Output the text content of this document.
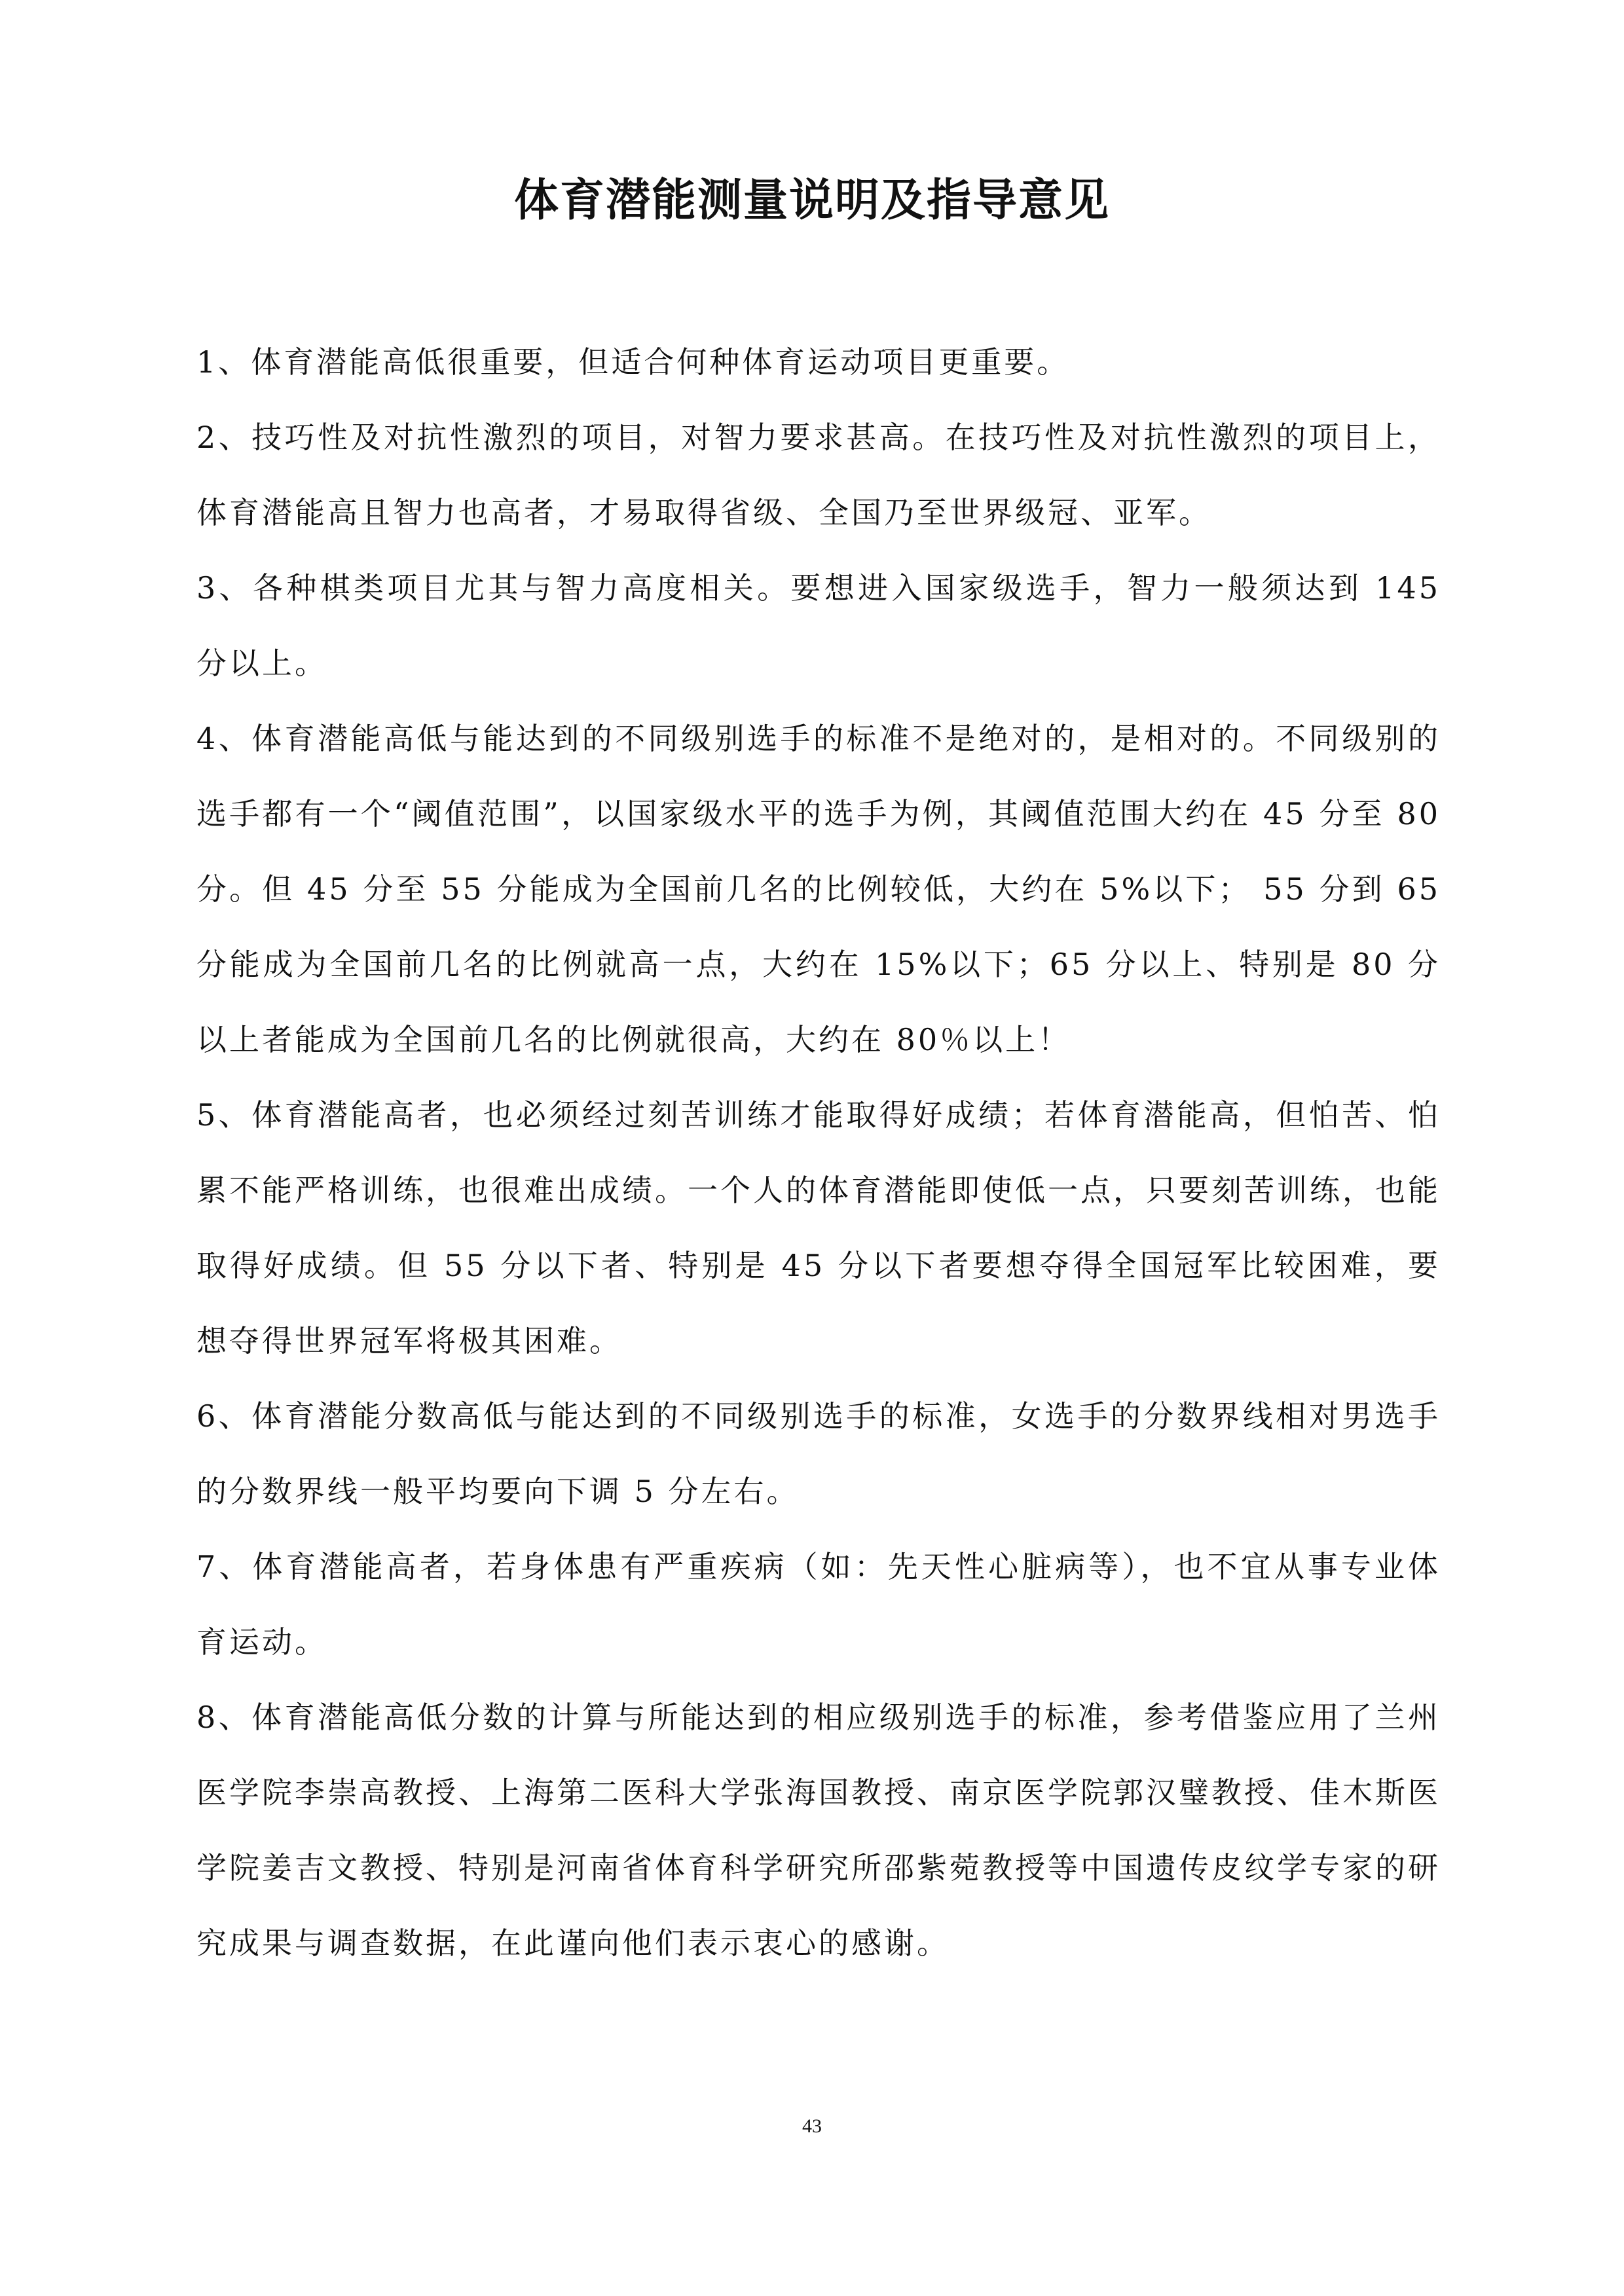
体育潜能测量说明及指导意见

1、体育潜能高低很重要，但适合何种体育运动项目更重要。

2、技巧性及对抗性激烈的项目，对智力要求甚高。在技巧性及对抗性激烈的项目上，体育潜能高且智力也高者，才易取得省级、全国乃至世界级冠、亚军。

3、各种棋类项目尤其与智力高度相关。要想进入国家级选手，智力一般须达到 145 分以上。

4、体育潜能高低与能达到的不同级别选手的标准不是绝对的，是相对的。不同级别的选手都有一个“阈值范围”，以国家级水平的选手为例，其阈值范围大约在 45 分至 80 分。但 45 分至 55 分能成为全国前几名的比例较低，大约在 5%以下； 55 分到 65 分能成为全国前几名的比例就高一点，大约在 15%以下；65 分以上、特别是 80 分以上者能成为全国前几名的比例就很高，大约在 80％以上！

5、体育潜能高者，也必须经过刻苦训练才能取得好成绩；若体育潜能高，但怕苦、怕累不能严格训练，也很难出成绩。一个人的体育潜能即使低一点，只要刻苦训练，也能取得好成绩。但 55 分以下者、特别是 45 分以下者要想夺得全国冠军比较困难，要想夺得世界冠军将极其困难。

6、体育潜能分数高低与能达到的不同级别选手的标准，女选手的分数界线相对男选手的分数界线一般平均要向下调 5 分左右。

7、体育潜能高者，若身体患有严重疾病（如：先天性心脏病等），也不宜从事专业体育运动。

8、体育潜能高低分数的计算与所能达到的相应级别选手的标准，参考借鉴应用了兰州医学院李崇高教授、上海第二医科大学张海国教授、南京医学院郭汉璧教授、佳木斯医学院姜吉文教授、特别是河南省体育科学研究所邵紫菀教授等中国遗传皮纹学专家的研究成果与调查数据，在此谨向他们表示衷心的感谢。

43
